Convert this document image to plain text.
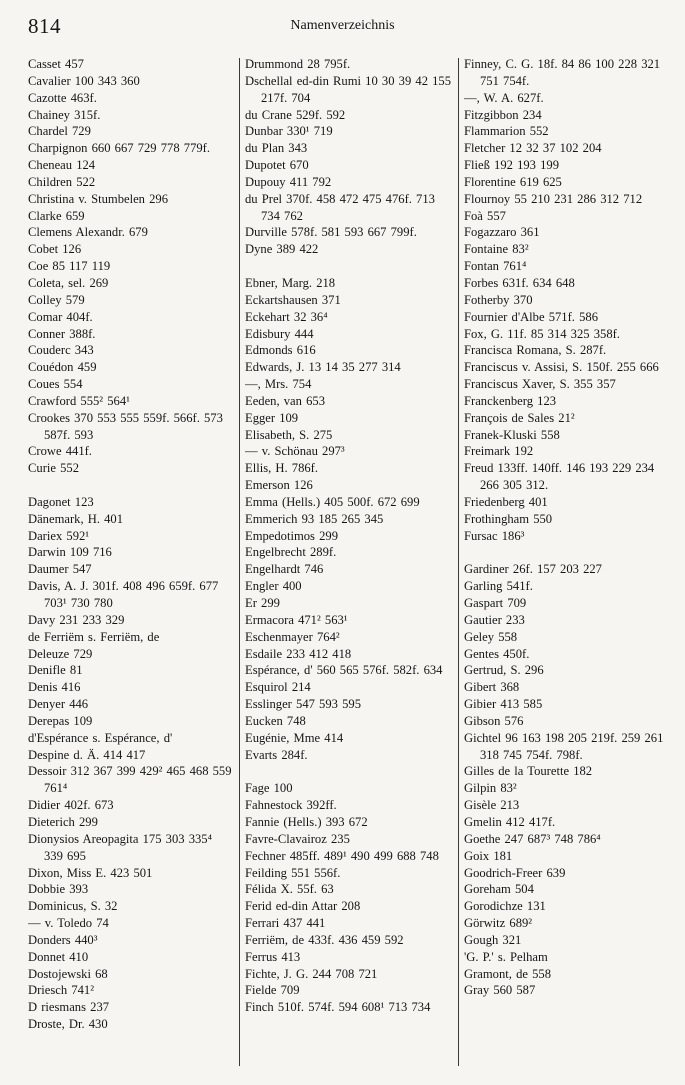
814	Namenverzeichnis
Casset 457
Cavalier 100 343 360
Cazotte 463f.
Chainey 315f.
Chardel 729
Charpignon 660 667 729 778 779f.
Cheneau 124
Children 522
Christina v. Stumbelen 296
Clarke 659
Clemens Alexandr. 679
Cobet 126
Coe 85 117 119
Coleta, sel. 269
Colley 579
Comar 404f.
Conner 388f.
Couderc 343
Couédon 459
Coues 554
Crawford 555² 564¹
Crookes 370 553 555 559f. 566f. 573 587f. 593
Crowe 441f.
Curie 552
Dagonet 123
Dänemark, H. 401
Dariex 592¹
Darwin 109 716
Daumer 547
Davis, A. J. 301f. 408 496 659f. 677 703¹ 730 780
Davy 231 233 329
de Ferriëm s. Ferriëm, de
Deleuze 729
Denifle 81
Denis 416
Denyer 446
Derepas 109
d'Espérance s. Espérance, d'
Despine d. Ä. 414 417
Dessoir 312 367 399 429² 465 468 559 761⁴
Didier 402f. 673
Dieterich 299
Dionysios Areopagita 175 303 335⁴ 339 695
Dixon, Miss E. 423 501
Dobbie 393
Dominicus, S. 32
— v. Toledo 74
Donders 440³
Donnet 410
Dostojewski 68
Driesch 741²
D riesmans 237
Droste, Dr. 430
Drummond 28 795f.
Dschellal ed-din Rumi 10 30 39 42 155 217f. 704
du Crane 529f. 592
Dunbar 330¹ 719
du Plan 343
Dupotet 670
Dupouy 411 792
du Prel 370f. 458 472 475 476f. 713 734 762
Durville 578f. 581 593 667 799f.
Dyne 389 422
Ebner, Marg. 218
Eckartshausen 371
Eckehart 32 36⁴
Edisbury 444
Edmonds 616
Edwards, J. 13 14 35 277 314
—, Mrs. 754
Eeden, van 653
Egger 109
Elisabeth, S. 275
— v. Schönau 297³
Ellis, H. 786f.
Emerson 126
Emma (Hells.) 405 500f. 672 699
Emmerich 93 185 265 345
Empedotimos 299
Engelbrecht 289f.
Engelhardt 746
Engler 400
Er 299
Ermacora 471² 563¹
Eschenmayer 764²
Esdaile 233 412 418
Espérance, d' 560 565 576f. 582f. 634
Esquirol 214
Esslinger 547 593 595
Eucken 748
Eugénie, Mme 414
Evarts 284f.
Fage 100
Fahnestock 392ff.
Fannie (Hells.) 393 672
Favre-Clavairoz 235
Fechner 485ff. 489¹ 490 499 688 748
Feilding 551 556f.
Félida X. 55f. 63
Ferid ed-din Attar 208
Ferrari 437 441
Ferriëm, de 433f. 436 459 592
Ferrus 413
Fichte, J. G. 244 708 721
Fielde 709
Finch 510f. 574f. 594 608¹ 713 734
Finney, C. G. 18f. 84 86 100 228 321 751 754f.
—, W. A. 627f.
Fitzgibbon 234
Flammarion 552
Fletcher 12 32 37 102 204
Fließ 192 193 199
Florentine 619 625
Flournoy 55 210 231 286 312 712
Foà 557
Fogazzaro 361
Fontaine 83²
Fontan 761⁴
Forbes 631f. 634 648
Fotherby 370
Fournier d'Albe 571f. 586
Fox, G. 11f. 85 314 325 358f.
Francisca Romana, S. 287f.
Franciscus v. Assisi, S. 150f. 255 666
Franciscus Xaver, S. 355 357
Franckenberg 123
François de Sales 21²
Franek-Kluski 558
Freimark 192
Freud 133ff. 140ff. 146 193 229 234 266 305 312.
Friedenberg 401
Frothingham 550
Fursac 186³
Gardiner 26f. 157 203 227
Garling 541f.
Gaspart 709
Gautier 233
Geley 558
Gentes 450f.
Gertrud, S. 296
Gibert 368
Gibier 413 585
Gibson 576
Gichtel 96 163 198 205 219f. 259 261 318 745 754f. 798f.
Gilles de la Tourette 182
Gilpin 83²
Gisèle 213
Gmelin 412 417f.
Goethe 247 687³ 748 786⁴
Goix 181
Goodrich-Freer 639
Goreham 504
Gorodichze 131
Görwitz 689²
Gough 321
'G. P.' s. Pelham
Gramont, de 558
Gray 560 587
